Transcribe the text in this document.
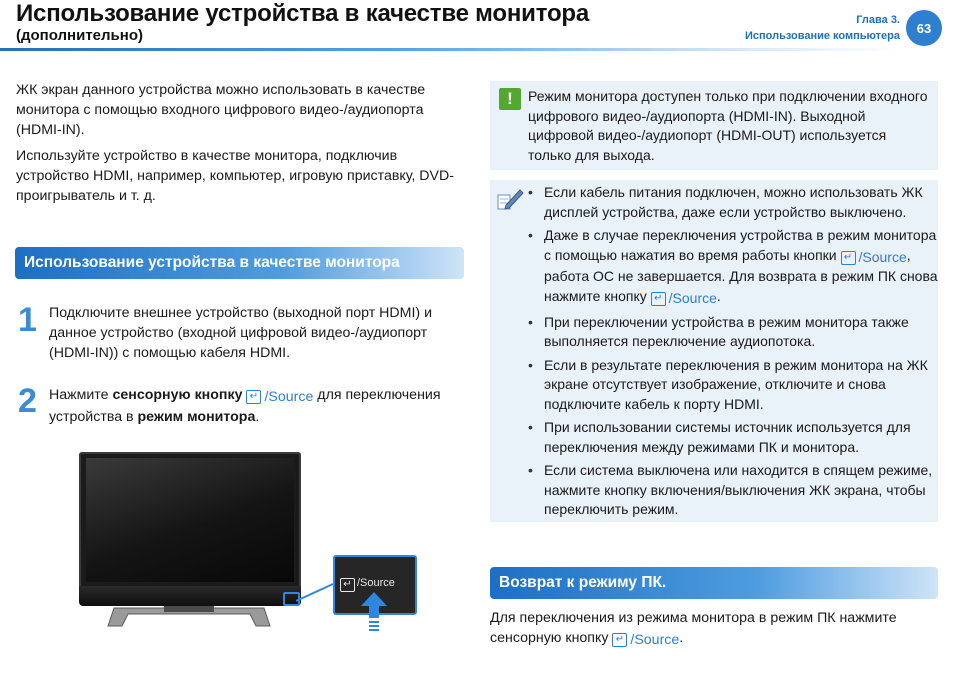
Использование устройства в качестве монитора
(дополнительно)
Глава 3.
Использование компьютера
63
ЖК экран данного устройства можно использовать в качестве монитора с помощью входного цифрового видео-/аудиопорта (HDMI-IN).
Используйте устройство в качестве монитора, подключив устройство HDMI, например, компьютер, игровую приставку, DVD-проигрыватель и т. д.
Использование устройства в качестве монитора
1 Подключите внешнее устройство (выходной порт HDMI) и данное устройство (входной цифровой видео-/аудиопорт (HDMI-IN)) с помощью кабеля HDMI.
2 Нажмите сенсорную кнопку ↵ /Source для переключения устройства в режим монитора.
↵ /Source
!	Режим монитора доступен только при подключении входного цифрового видео-/аудиопорта (HDMI-IN). Выходной цифровой видео-/аудиопорт (HDMI-OUT) используется только для выхода.
• Если кабель питания подключен, можно использовать ЖК дисплей устройства, даже если устройство выключено.
• Даже в случае переключения устройства в режим монитора с помощью нажатия во время работы кнопки ↵ /Source , работа ОС не завершается. Для возврата в режим ПК снова нажмите кнопку ↵ /Source .
• При переключении устройства в режим монитора также выполняется переключение аудиопотока.
• Если в результате переключения в режим монитора на ЖК экране отсутствует изображение, отключите и снова подключите кабель к порту HDMI.
• При использовании системы источник используется для переключения между режимами ПК и монитора.
• Если система выключена или находится в спящем режиме, нажмите кнопку включения/выключения ЖК экрана, чтобы переключить режим.
Возврат к режиму ПК.
Для переключения из режима монитора в режим ПК нажмите сенсорную кнопку ↵ /Source .
